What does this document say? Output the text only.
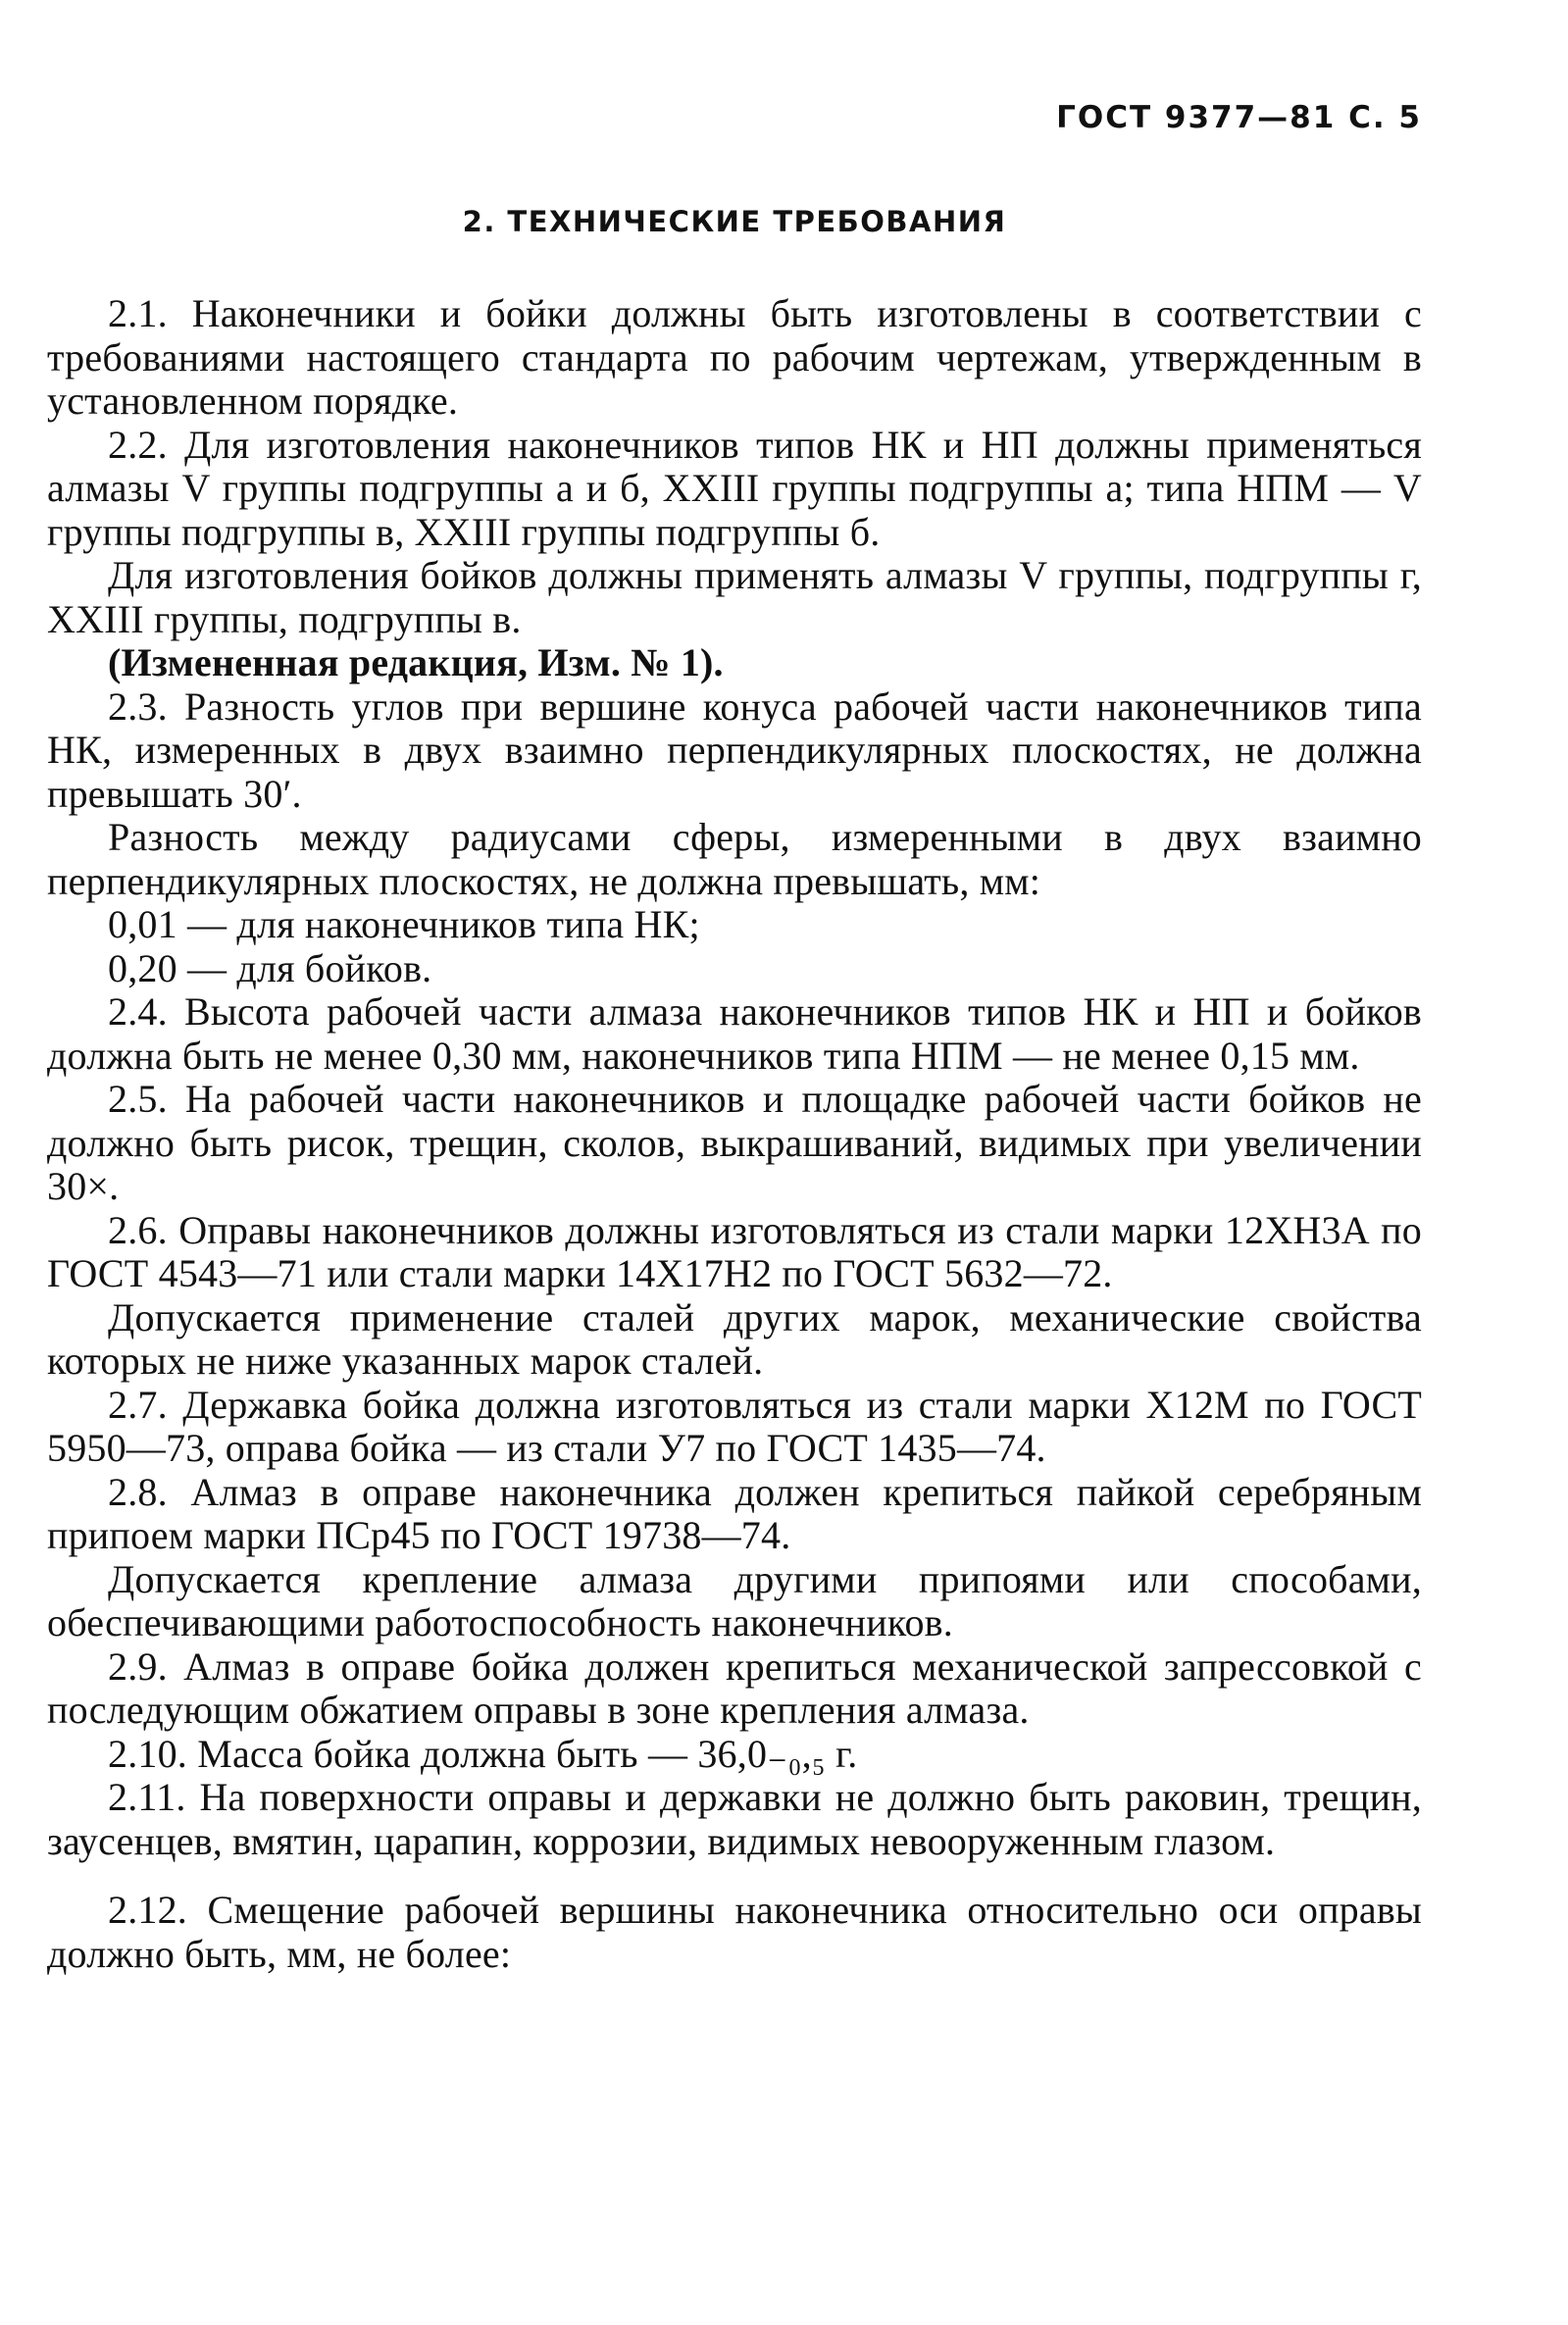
ГОСТ 9377—81 С. 5
2. ТЕХНИЧЕСКИЕ ТРЕБОВАНИЯ

2.1. Наконечники и бойки должны быть изготовлены в соответствии с требованиями настоящего стандарта по рабочим чертежам, утвержденным в установленном порядке.

2.2. Для изготовления наконечников типов НК и НП должны применяться алмазы V группы подгруппы а и б, XXIII группы подгруппы а; типа НПМ — V группы подгруппы в, XXIII группы подгруппы б.

Для изготовления бойков должны применять алмазы V группы, подгруппы г, XXIII группы, подгруппы в.

(Измененная редакция, Изм. № 1).

2.3. Разность углов при вершине конуса рабочей части наконечников типа НК, измеренных в двух взаимно перпендикулярных плоскостях, не должна превышать 30′.

Разность между радиусами сферы, измеренными в двух взаимно перпендикулярных плоскостях, не должна превышать, мм:

0,01 — для наконечников типа НК;

0,20 — для бойков.

2.4. Высота рабочей части алмаза наконечников типов НК и НП и бойков должна быть не менее 0,30 мм, наконечников типа НПМ — не менее 0,15 мм.

2.5. На рабочей части наконечников и площадке рабочей части бойков не должно быть рисок, трещин, сколов, выкрашиваний, видимых при увеличении 30×.

2.6. Оправы наконечников должны изготовляться из стали марки 12ХН3А по ГОСТ 4543—71 или стали марки 14Х17Н2 по ГОСТ 5632—72.

Допускается применение сталей других марок, механические свойства которых не ниже указанных марок сталей.

2.7. Державка бойка должна изготовляться из стали марки Х12М по ГОСТ 5950—73, оправа бойка — из стали У7 по ГОСТ 1435—74.

2.8. Алмаз в оправе наконечника должен крепиться пайкой серебряным припоем марки ПСр45 по ГОСТ 19738—74.

Допускается крепление алмаза другими припоями или способами, обеспечивающими работоспособность наконечников.

2.9. Алмаз в оправе бойка должен крепиться механической запрессовкой с последующим обжатием оправы в зоне крепления алмаза.

2.10. Масса бойка должна быть — 36,0₋₀,₅ г.

2.11. На поверхности оправы и державки не должно быть раковин, трещин, заусенцев, вмятин, царапин, коррозии, видимых невооруженным глазом.

2.12. Смещение рабочей вершины наконечника относительно оси оправы должно быть, мм, не более:
